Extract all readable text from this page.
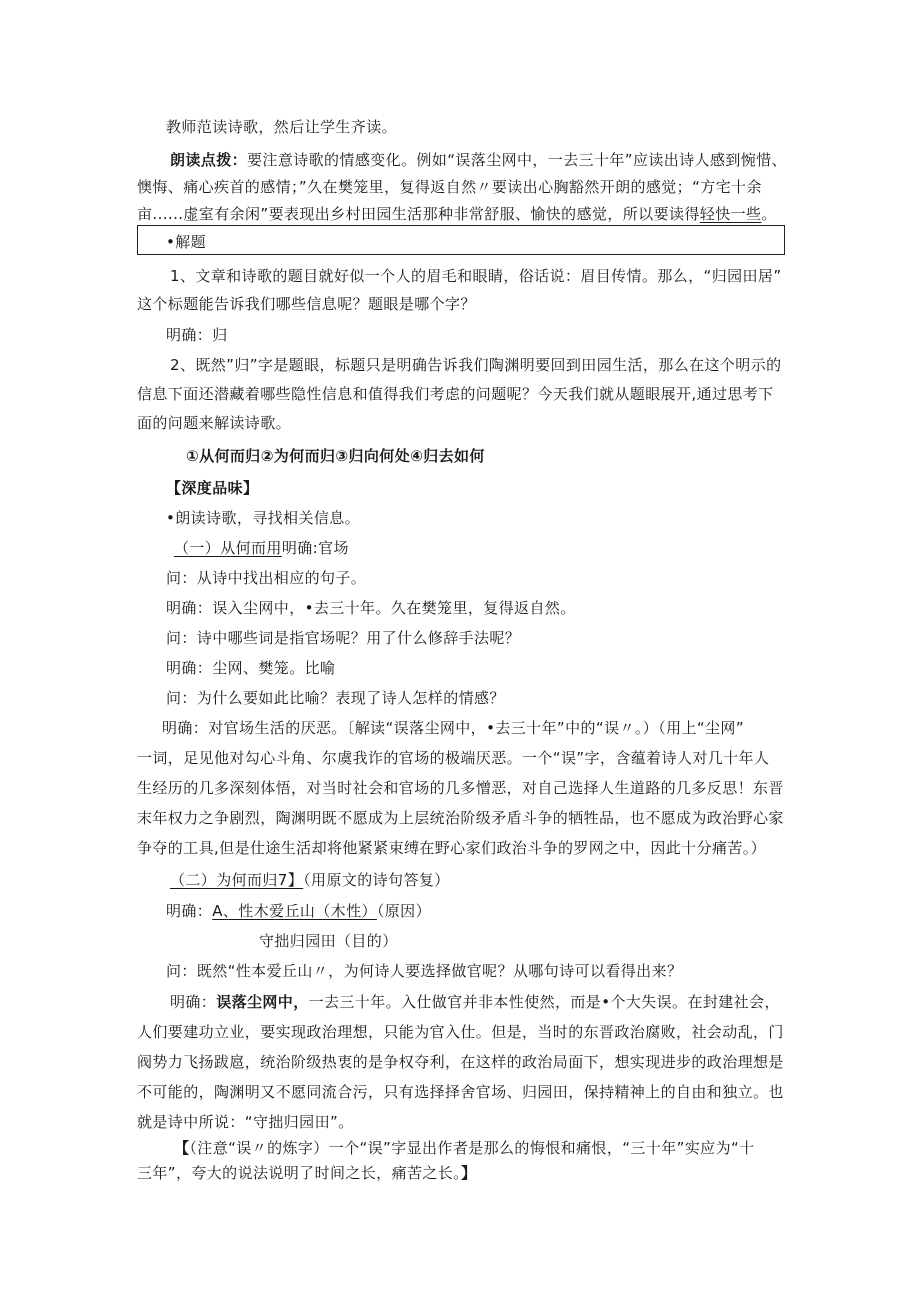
教师范读诗歌，然后让学生齐读。
朗读点拨：要注意诗歌的情感变化。例如“误落尘网中，一去三十年”应读出诗人感到惋惜、
懊悔、痛心疾首的感情；”久在樊笼里，复得返自然〃要读出心胸豁然开朗的感觉；“方宅十余
亩......虚室有余闲”要表现出乡村田园生活那种非常舒服、愉快的感觉，所以要读得轻快一些。
•解题
1、文章和诗歌的题目就好似一个人的眉毛和眼睛，俗话说：眉目传情。那么，“归园田居”
这个标题能告诉我们哪些信息呢？题眼是哪个字？
明确：归
2、既然”归”字是题眼，标题只是明确告诉我们陶渊明要回到田园生活，那么在这个明示的
信息下面还潜藏着哪些隐性信息和值得我们考虑的问题呢？今天我们就从题眼展开,通过思考下
面的问题来解读诗歌。
①从何而归②为何而归③归向何处④归去如何
【深度品味】
•朗读诗歌，寻找相关信息。
（一）从何而用明确:官场
问：从诗中找出相应的句子。
明确：误入尘网中，•去三十年。久在樊笼里，复得返自然。
问：诗中哪些词是指官场呢？用了什么修辞手法呢？
明确：尘网、樊笼。比喻
问：为什么要如此比喻？表现了诗人怎样的情感？
明确：对官场生活的厌恶。〔解读“误落尘网中，•去三十年”中的“误〃。）（用上“尘网”
一词，足见他对勾心斗角、尔虞我诈的官场的极端厌恶。一个“误”字，含蕴着诗人对几十年人
生经历的几多深刻体悟，对当时社会和官场的几多憎恶，对自己选择人生道路的几多反思！东晋
末年权力之争剧烈，陶渊明既不愿成为上层统治阶级矛盾斗争的牺牲品，也不愿成为政治野心家
争夺的工具,但是仕途生活却将他紧紧束缚在野心家们政治斗争的罗网之中，因此十分痛苦。）
（二）为何而归7】（用原文的诗句答复）
明确：A、性木爱丘山（木性）（原因）
守拙归园田（目的）
问：既然“性本爱丘山〃，为何诗人要选择做官呢？从哪句诗可以看得出来？
明确：误落尘网中，一去三十年。入仕做官并非本性使然，而是•个大失误。在封建社会，
人们要建功立业，要实现政治理想，只能为官入仕。但是，当时的东晋政治腐败，社会动乱，门
阀势力飞扬跋扈，统治阶级热衷的是争权夺利，在这样的政治局面下，想实现进步的政治理想是
不可能的，陶渊明又不愿同流合污，只有选择择舍官场、归园田，保持精神上的自由和独立。也
就是诗中所说：“守拙归园田”。
【（注意“误〃的炼字）一个“误”字显出作者是那么的悔恨和痛恨，“三十年”实应为“十
三年”，夸大的说法说明了时间之长，痛苦之长。】
